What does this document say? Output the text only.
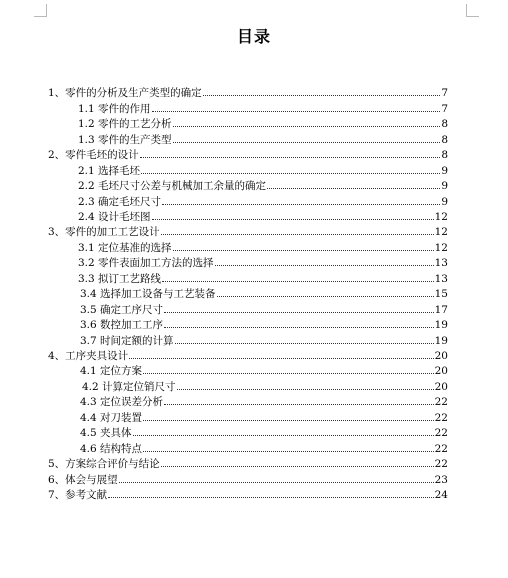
目录
1、零件的分析及生产类型的确定	7
1.1 零件的作用	7
1.2 零件的工艺分析	8
1.3 零件的生产类型	8
2、零件毛坯的设计	8
2.1 选择毛坯	9
2.2 毛坯尺寸公差与机械加工余量的确定	9
2.3 确定毛坯尺寸	9
2.4 设计毛坯图	12
3、零件的加工工艺设计	12
3.1 定位基准的选择	12
3.2 零件表面加工方法的选择	13
3.3 拟订工艺路线	13
3.4 选择加工设备与工艺装备	15
3.5 确定工序尺寸	17
3.6 数控加工工序	19
3.7 时间定额的计算	19
4、工序夹具设计	20
4.1 定位方案	20
4.2 计算定位销尺寸	20
4.3 定位误差分析	22
4.4 对刀装置	22
4.5 夹具体	22
4.6 结构特点	22
5、方案综合评价与结论	22
6、体会与展望	23
7、参考文献	24
